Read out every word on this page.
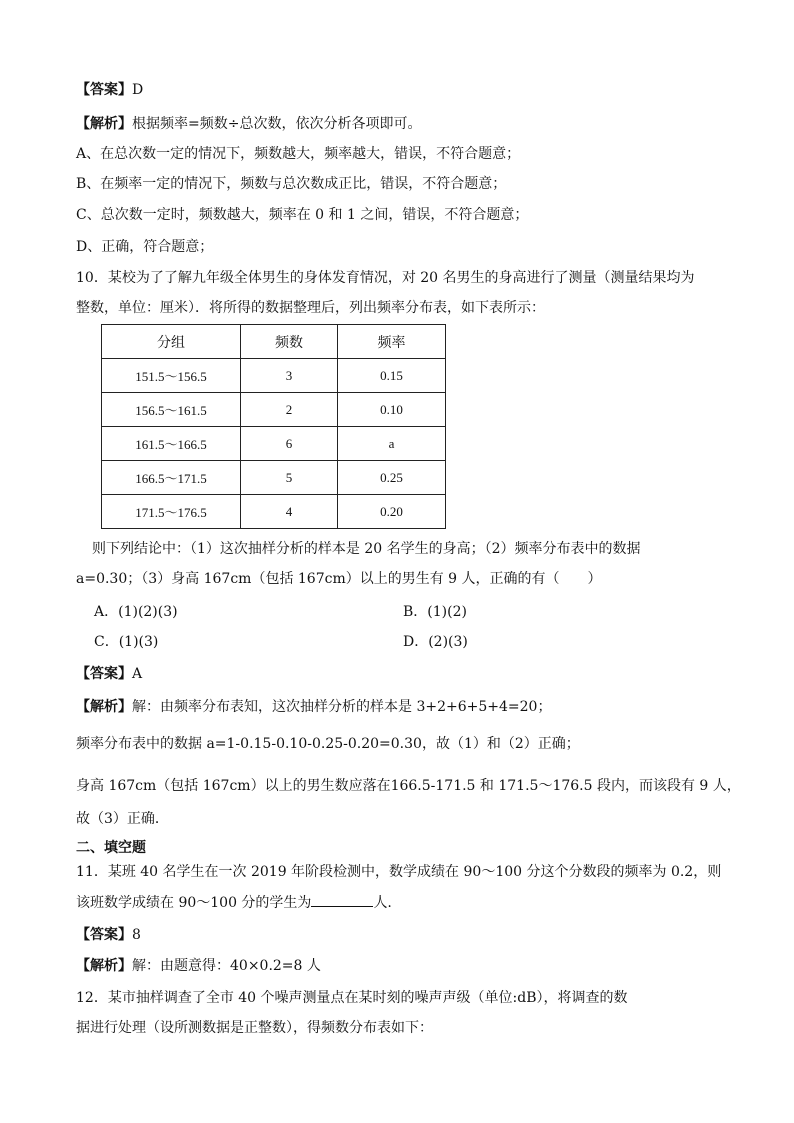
【答案】D
【解析】根据频率=频数÷总次数，依次分析各项即可。
A、在总次数一定的情况下，频数越大，频率越大，错误，不符合题意；
B、在频率一定的情况下，频数与总次数成正比，错误，不符合题意；
C、总次数一定时，频数越大，频率在 0 和 1 之间，错误，不符合题意；
D、正确，符合题意；
10．某校为了了解九年级全体男生的身体发育情况，对 20 名男生的身高进行了测量（测量结果均为
整数，单位：厘米）．将所得的数据整理后，列出频率分布表，如下表所示：
分组	频数	频率
151.5～156.5	3	0.15
156.5～161.5	2	0.10
161.5～166.5	6	a
166.5～171.5	5	0.25
171.5～176.5	4	0.20
则下列结论中：（1）这次抽样分析的样本是 20 名学生的身高；（2）频率分布表中的数据
a=0.30；（3）身高 167cm（包括 167cm）以上的男生有 9 人，正确的有（　　）
A．(1)(2)(3)	B．(1)(2)
C．(1)(3)	D．(2)(3)
【答案】A
【解析】解：由频率分布表知，这次抽样分析的样本是 3+2+6+5+4=20；
频率分布表中的数据 a=1-0.15-0.10-0.25-0.20=0.30，故（1）和（2）正确；
身高 167cm（包括 167cm）以上的男生数应落在166.5-171.5 和 171.5～176.5 段内，而该段有 9 人，
故（3）正确．
二、填空题
11．某班 40 名学生在一次 2019 年阶段检测中，数学成绩在 90～100 分这个分数段的频率为 0.2，则
该班数学成绩在 90～100 分的学生为	人.
【答案】8
【解析】解：由题意得：40×0.2=8 人
12．某市抽样调查了全市 40 个噪声测量点在某时刻的噪声声级（单位:dB），将调查的数
据进行处理（设所测数据是正整数），得频数分布表如下：
